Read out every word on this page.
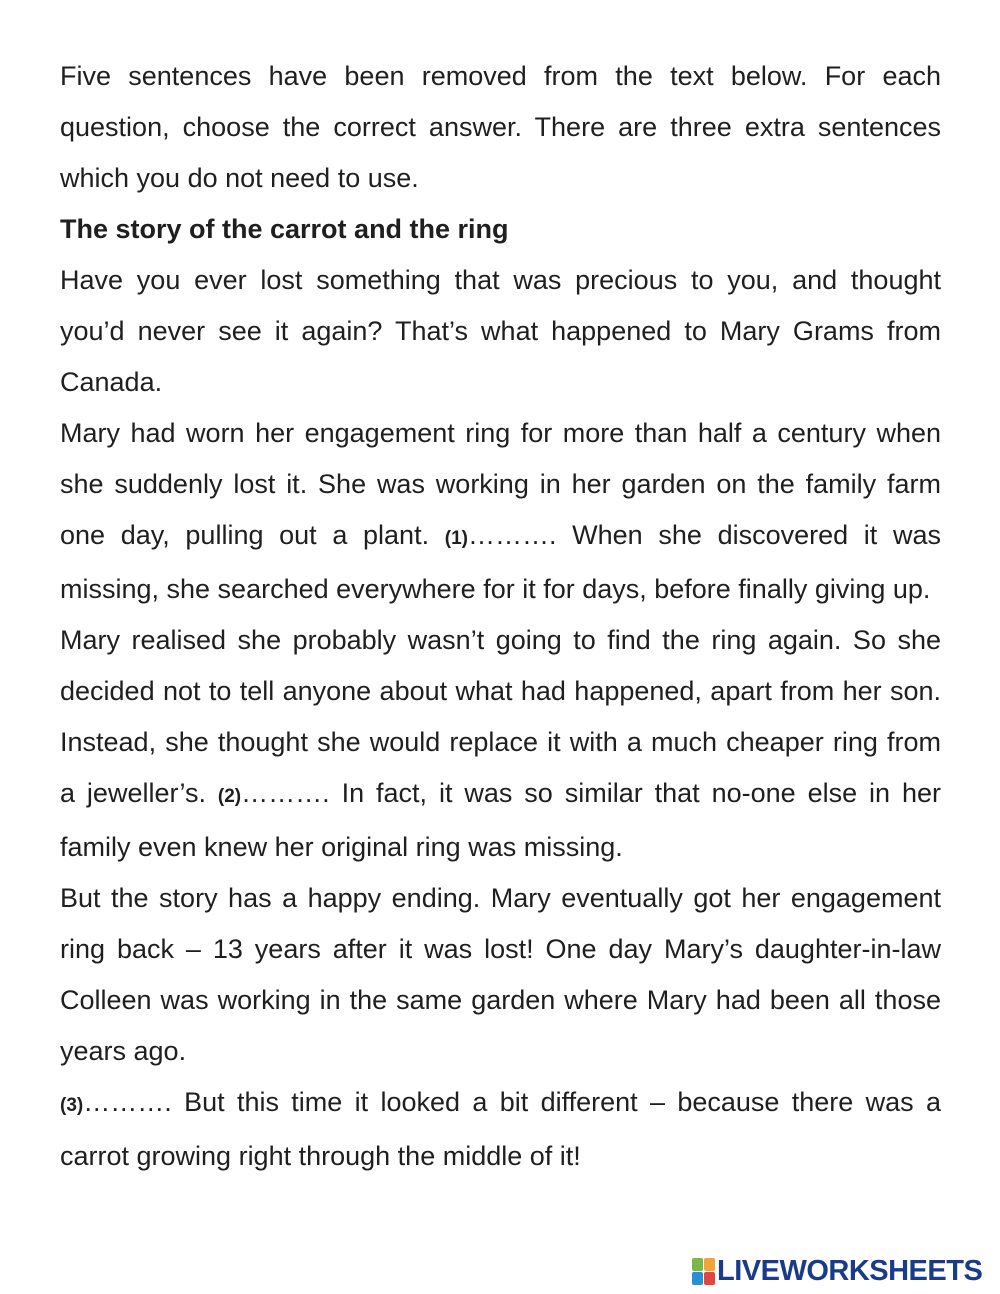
Five sentences have been removed from the text below. For each question, choose the correct answer. There are three extra sentences which you do not need to use.

The story of the carrot and the ring

Have you ever lost something that was precious to you, and thought you’d never see it again? That’s what happened to Mary Grams from Canada.

Mary had worn her engagement ring for more than half a century when she suddenly lost it. She was working in her garden on the family farm one day, pulling out a plant. (1)………. When she discovered it was missing, she searched everywhere for it for days, before finally giving up.

Mary realised she probably wasn’t going to find the ring again. So she decided not to tell anyone about what had happened, apart from her son. Instead, she thought she would replace it with a much cheaper ring from a jeweller’s. (2)………. In fact, it was so similar that no-one else in her family even knew her original ring was missing.

But the story has a happy ending. Mary eventually got her engagement ring back – 13 years after it was lost! One day Mary’s daughter-in-law Colleen was working in the same garden where Mary had been all those years ago.

(3)………. But this time it looked a bit different – because there was a carrot growing right through the middle of it!

LIVEWORKSHEETS
